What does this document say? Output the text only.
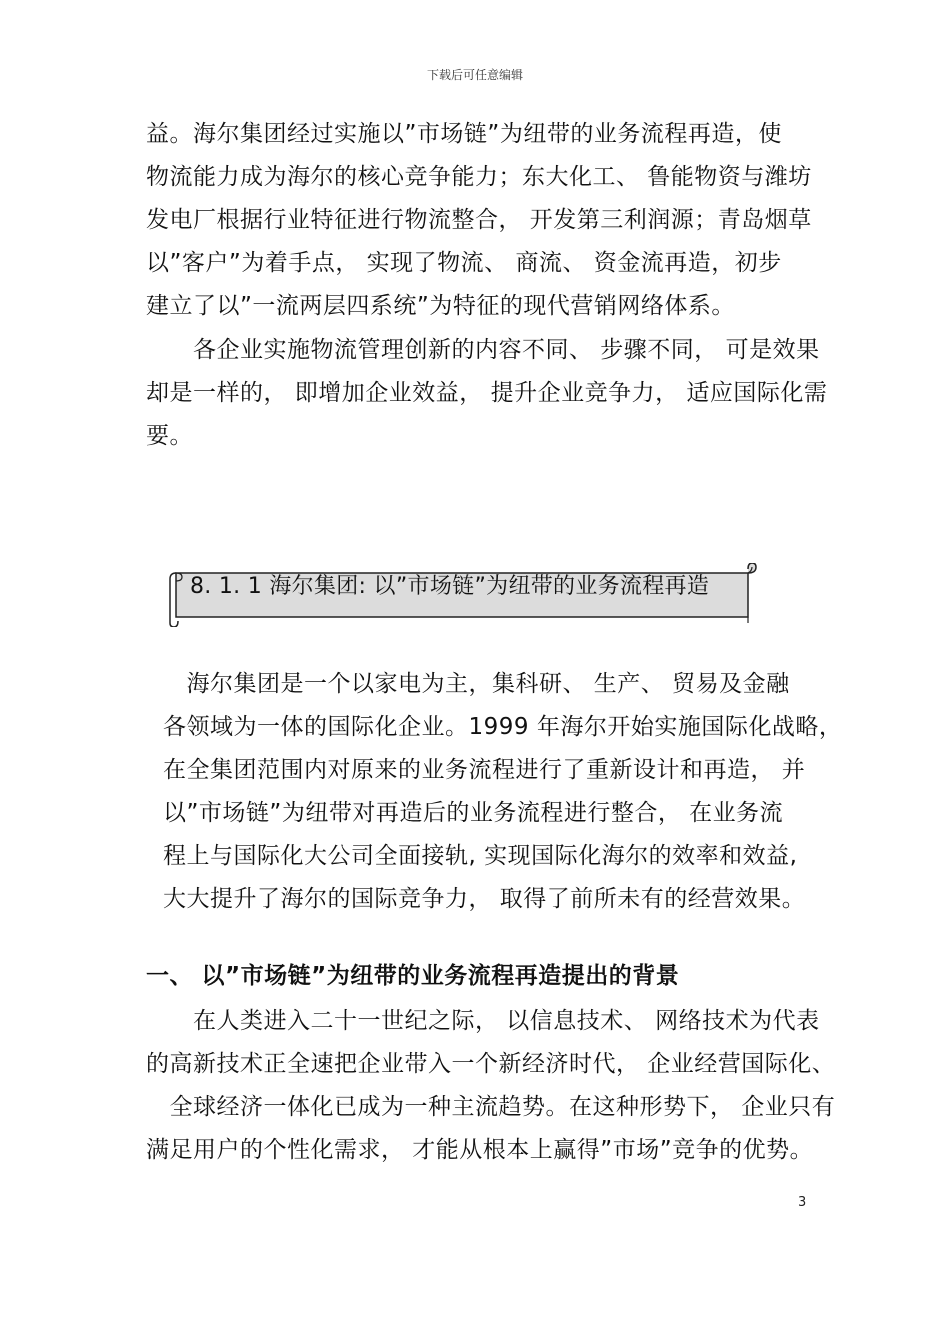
下载后可任意编辑
益。海尔集团经过实施以”市场链”为纽带的业务流程再造，使
物流能力成为海尔的核心竞争能力；东大化工、 鲁能物资与潍坊
发电厂根据行业特征进行物流整合， 开发第三利润源；青岛烟草
以”客户”为着手点， 实现了物流、 商流、 资金流再造，初步
建立了以”一流两层四系统”为特征的现代营销网络体系。
　　各企业实施物流管理创新的内容不同、 步骤不同， 可是效果
却是一样的， 即增加企业效益， 提升企业竞争力， 适应国际化需
要。
8. 1. 1 海尔集团: 以”市场链”为纽带的业务流程再造
　海尔集团是一个以家电为主，集科研、 生产、 贸易及金融
各领域为一体的国际化企业。1999 年海尔开始实施国际化战略，
在全集团范围内对原来的业务流程进行了重新设计和再造， 并
以”市场链”为纽带对再造后的业务流程进行整合， 在业务流
程上与国际化大公司全面接轨, 实现国际化海尔的效率和效益,
大大提升了海尔的国际竞争力， 取得了前所未有的经营效果。
一、 以”市场链”为纽带的业务流程再造提出的背景
　　在人类进入二十一世纪之际， 以信息技术、 网络技术为代表
的高新技术正全速把企业带入一个新经济时代， 企业经营国际化、
　全球经济一体化已成为一种主流趋势。在这种形势下， 企业只有
满足用户的个性化需求， 才能从根本上赢得”市场”竞争的优势。
3
